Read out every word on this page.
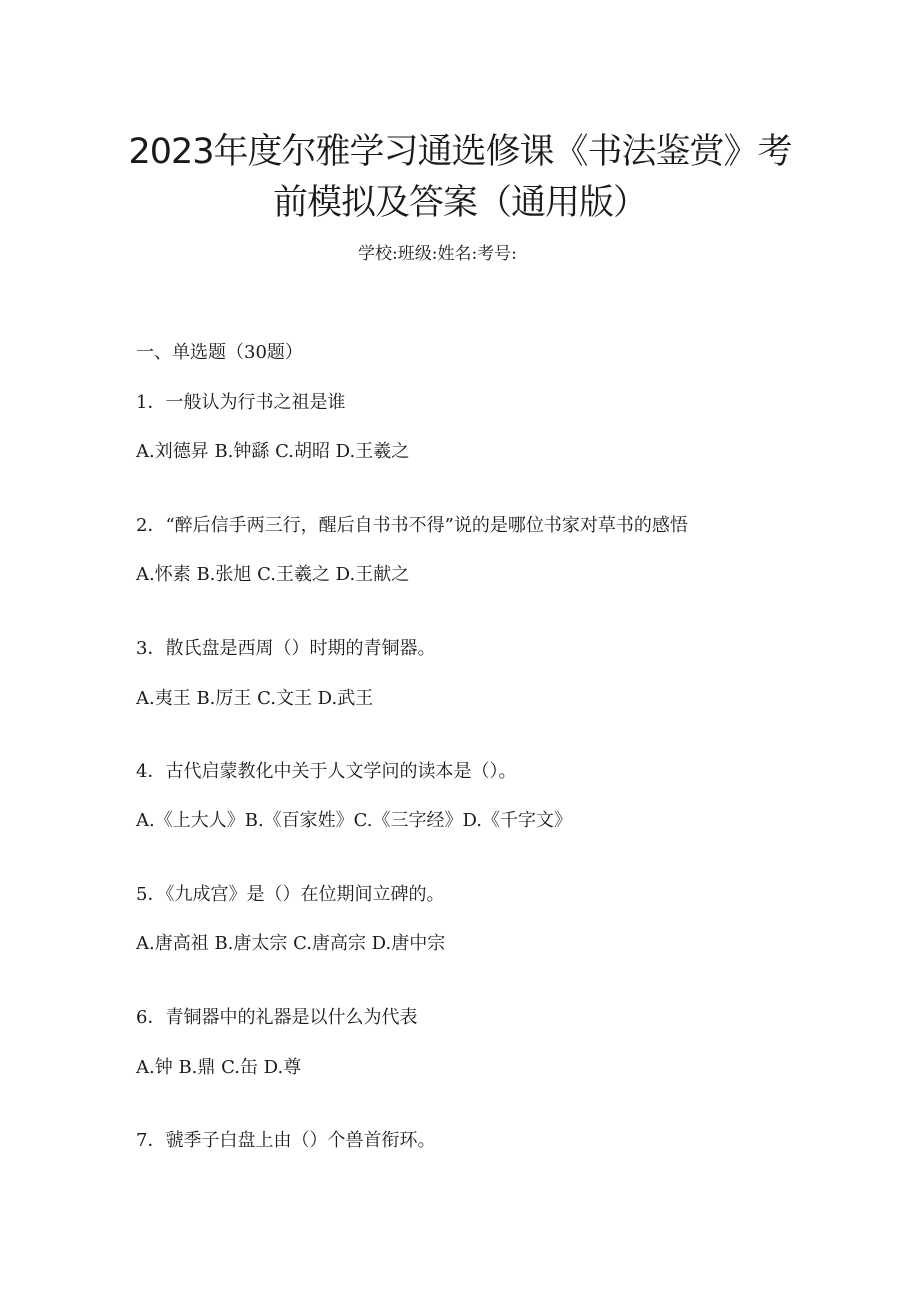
2023年度尔雅学习通选修课《书法鉴赏》考
前模拟及答案（通用版）
学校:班级:姓名:考号:
一、单选题（30题）
1．一般认为行书之祖是谁
A.刘德昇 B.钟繇 C.胡昭 D.王羲之
2．“醉后信手两三行，醒后自书书不得”说的是哪位书家对草书的感悟
A.怀素 B.张旭 C.王羲之 D.王献之
3．散氏盘是西周（）时期的青铜器。
A.夷王 B.厉王 C.文王 D.武王
4．古代启蒙教化中关于人文学问的读本是（）。
A.《上大人》B.《百家姓》C.《三字经》D.《千字文》
5．《九成宫》是（）在位期间立碑的。
A.唐高祖 B.唐太宗 C.唐高宗 D.唐中宗
6．青铜器中的礼器是以什么为代表
A.钟 B.鼎 C.缶 D.尊
7．虢季子白盘上由（）个兽首衔环。
